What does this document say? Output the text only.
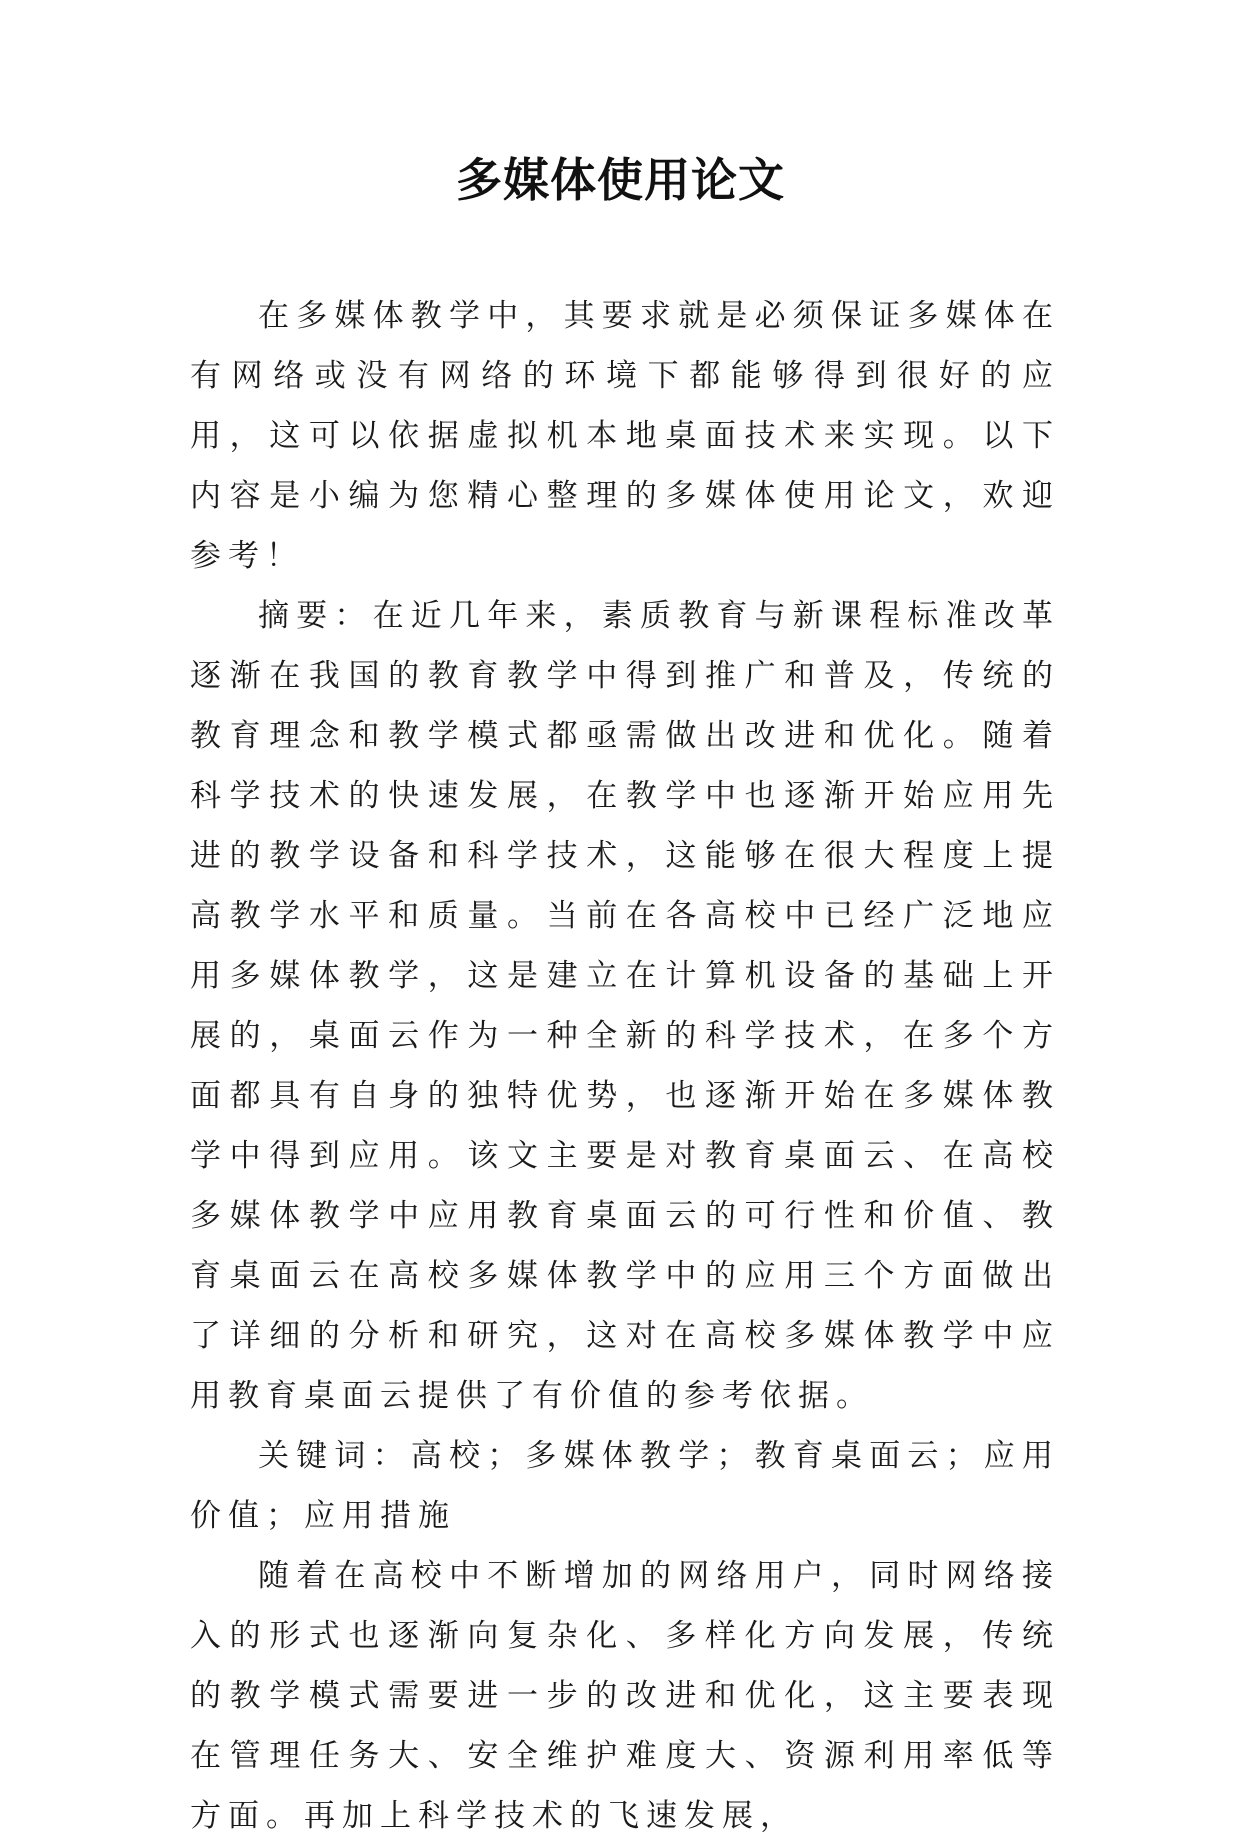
多媒体使用论文

在多媒体教学中，其要求就是必须保证多媒体在有网络或没有网络的环境下都能够得到很好的应用，这可以依据虚拟机本地桌面技术来实现。以下内容是小编为您精心整理的多媒体使用论文，欢迎参考！

摘要：在近几年来，素质教育与新课程标准改革逐渐在我国的教育教学中得到推广和普及，传统的教育理念和教学模式都亟需做出改进和优化。随着科学技术的快速发展，在教学中也逐渐开始应用先进的教学设备和科学技术，这能够在很大程度上提高教学水平和质量。当前在各高校中已经广泛地应用多媒体教学，这是建立在计算机设备的基础上开展的，桌面云作为一种全新的科学技术，在多个方面都具有自身的独特优势，也逐渐开始在多媒体教学中得到应用。该文主要是对教育桌面云、在高校多媒体教学中应用教育桌面云的可行性和价值、教育桌面云在高校多媒体教学中的应用三个方面做出了详细的分析和研究，这对在高校多媒体教学中应用教育桌面云提供了有价值的参考依据。

关键词：高校；多媒体教学；教育桌面云；应用价值；应用措施

随着在高校中不断增加的网络用户，同时网络接入的形式也逐渐向复杂化、多样化方向发展，传统的教学模式需要进一步的改进和优化，这主要表现在管理任务大、安全维护难度大、资源利用率低等方面。再加上科学技术的飞速发展，
